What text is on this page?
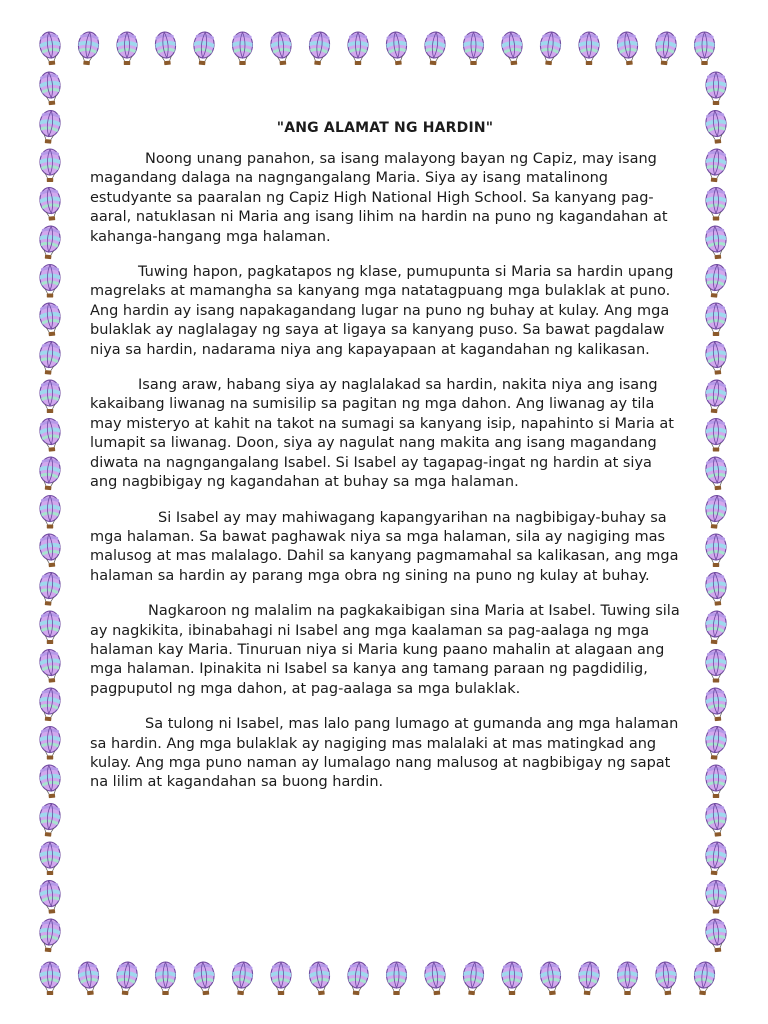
"ANG ALAMAT NG HARDIN"

Noong unang panahon, sa isang malayong bayan ng Capiz, may isang magandang dalaga na nagngangalang Maria. Siya ay isang matalinong estudyante sa paaralan ng Capiz High National High School. Sa kanyang pag-aaral, natuklasan ni Maria ang isang lihim na hardin na puno ng kagandahan at kahanga-hangang mga halaman.

Tuwing hapon, pagkatapos ng klase, pumupunta si Maria sa hardin upang magrelaks at mamangha sa kanyang mga natatagpuang mga bulaklak at puno. Ang hardin ay isang napakagandang lugar na puno ng buhay at kulay. Ang mga bulaklak ay naglalagay ng saya at ligaya sa kanyang puso. Sa bawat pagdalaw niya sa hardin, nadarama niya ang kapayapaan at kagandahan ng kalikasan.

Isang araw, habang siya ay naglalakad sa hardin, nakita niya ang isang kakaibang liwanag na sumisilip sa pagitan ng mga dahon. Ang liwanag ay tila may misteryo at kahit na takot na sumagi sa kanyang isip, napahinto si Maria at lumapit sa liwanag. Doon, siya ay nagulat nang makita ang isang magandang diwata na nagngangalang Isabel. Si Isabel ay tagapag-ingat ng hardin at siya ang nagbibigay ng kagandahan at buhay sa mga halaman.

Si Isabel ay may mahiwagang kapangyarihan na nagbibigay-buhay sa mga halaman. Sa bawat paghawak niya sa mga halaman, sila ay nagiging mas malusog at mas malalago. Dahil sa kanyang pagmamahal sa kalikasan, ang mga halaman sa hardin ay parang mga obra ng sining na puno ng kulay at buhay.

Nagkaroon ng malalim na pagkakaibigan sina Maria at Isabel. Tuwing sila ay nagkikita, ibinabahagi ni Isabel ang mga kaalaman sa pag-aalaga ng mga halaman kay Maria. Tinuruan niya si Maria kung paano mahalin at alagaan ang mga halaman. Ipinakita ni Isabel sa kanya ang tamang paraan ng pagdidilig, pagpuputol ng mga dahon, at pag-aalaga sa mga bulaklak.

Sa tulong ni Isabel, mas lalo pang lumago at gumanda ang mga halaman sa hardin. Ang mga bulaklak ay nagiging mas malalaki at mas matingkad ang kulay. Ang mga puno naman ay lumalago nang malusog at nagbibigay ng sapat na lilim at kagandahan sa buong hardin.
